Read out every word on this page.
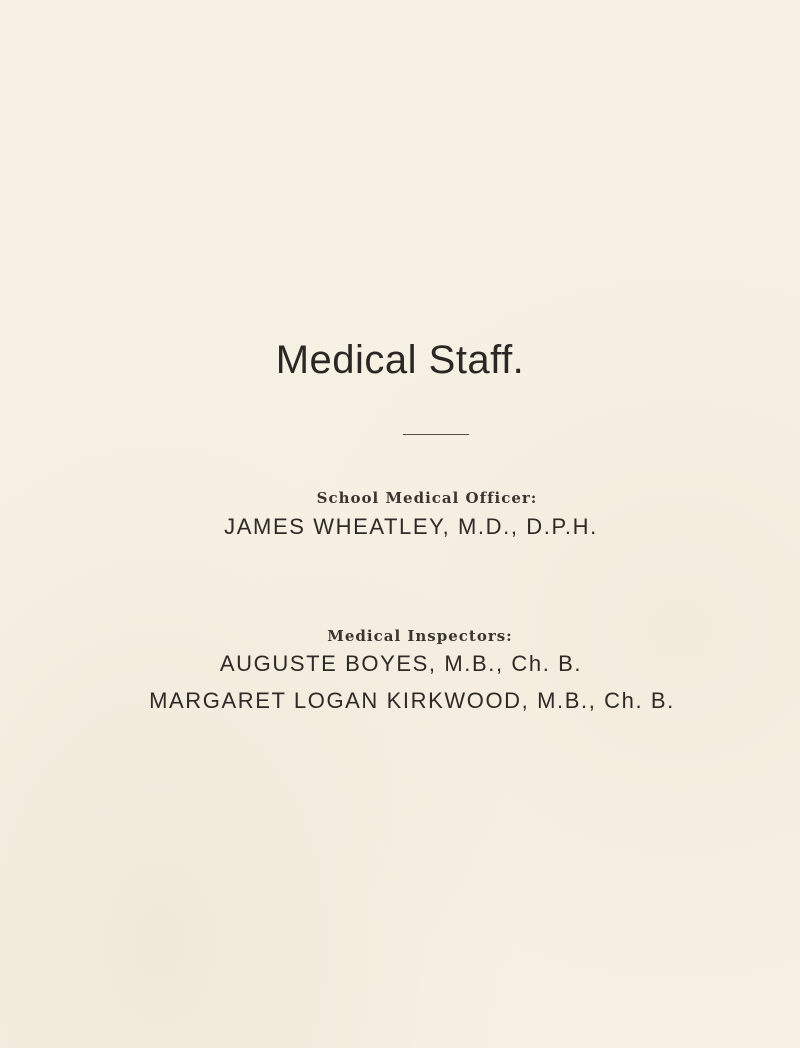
Medical Staff.
School Medical Officer:
JAMES WHEATLEY, M.D., D.P.H.
Medical Inspectors:
AUGUSTE BOYES, M.B., Ch. B.
MARGARET LOGAN KIRKWOOD, M.B., Ch. B.
